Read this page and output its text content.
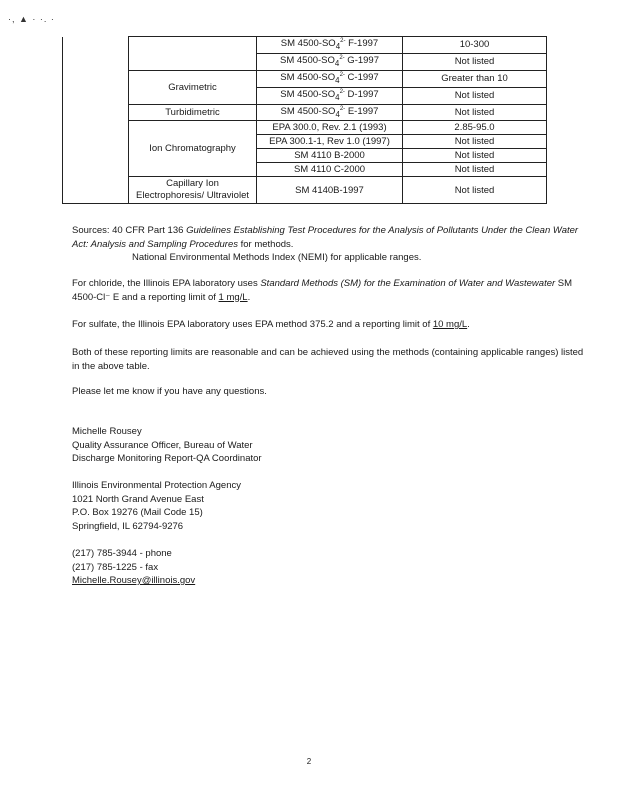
·, ▲ · ·. ·
		SM $4500-SO_4^{2-}$ F-1997	10-300
		SM $4500-SO_4^{2-}$ G-1997	Not listed
	Gravimetric	SM $4500-SO_4^{2-}$ C-1997	Greater than 10
		SM $4500-SO_4^{2-}$ D-1997	Not listed
	Turbidimetric	SM $4500-SO_4^{2-}$ E-1997	Not listed
	Ion Chromatography	EPA 300.0, Rev. 2.1 (1993)	2.85-95.0
		EPA 300.1-1, Rev 1.0 (1997)	Not listed
		SM 4110 B-2000	Not listed
		SM 4110 C-2000	Not listed
	Capillary Ion Electrophoresis/ Ultraviolet	SM 4140B-1997	Not listed
Sources: 40 CFR Part 136 Guidelines Establishing Test Procedures for the Analysis of Pollutants Under the Clean Water Act: Analysis and Sampling Procedures for methods.
National Environmental Methods Index (NEMI) for applicable ranges.
For chloride, the Illinois EPA laboratory uses Standard Methods (SM) for the Examination of Water and Wastewater SM 4500-Cl⁻ E and a reporting limit of 1 mg/L.
For sulfate, the Illinois EPA laboratory uses EPA method 375.2 and a reporting limit of 10 mg/L.
Both of these reporting limits are reasonable and can be achieved using the methods (containing applicable ranges) listed in the above table.
Please let me know if you have any questions.
Michelle Rousey
Quality Assurance Officer, Bureau of Water
Discharge Monitoring Report-QA Coordinator
Illinois Environmental Protection Agency
1021 North Grand Avenue East
P.O. Box 19276 (Mail Code 15)
Springfield, IL 62794-9276
(217) 785-3944 - phone
(217) 785-1225 - fax
Michelle.Rousey@illinois.gov
2
